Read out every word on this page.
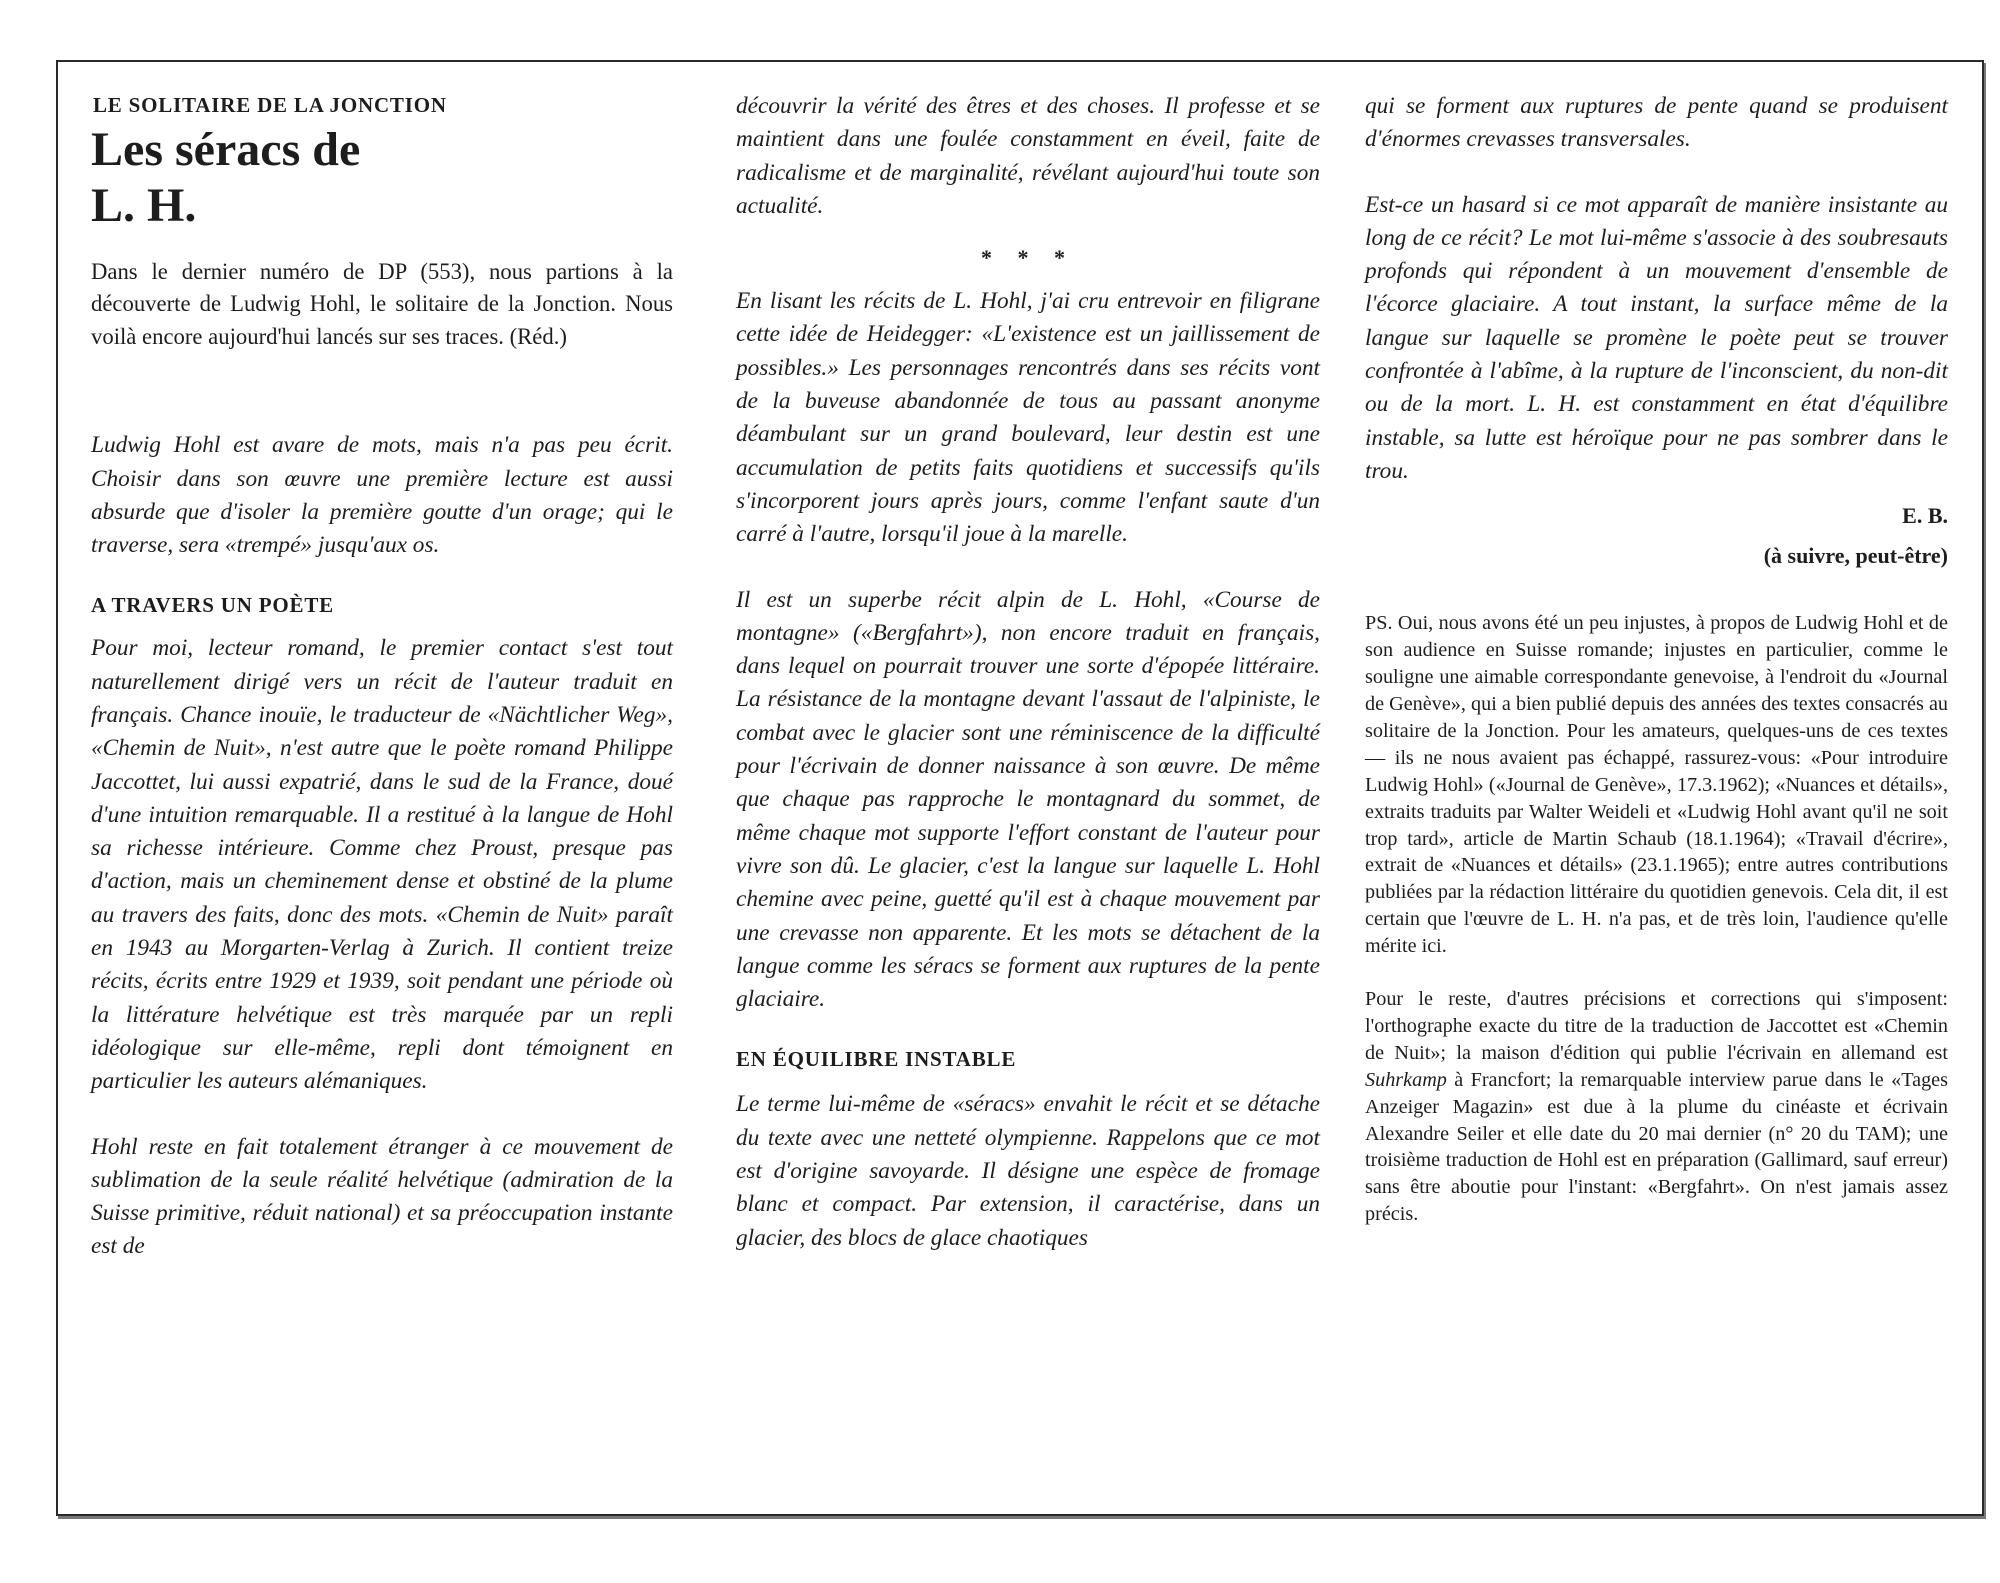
LE SOLITAIRE DE LA JONCTION
Les séracs de L. H.

Dans le dernier numéro de DP (553), nous partions à la découverte de Ludwig Hohl, le solitaire de la Jonction. Nous voilà encore aujourd'hui lancés sur ses traces. (Réd.)

Ludwig Hohl est avare de mots, mais n'a pas peu écrit. Choisir dans son œuvre une première lecture est aussi absurde que d'isoler la première goutte d'un orage; qui le traverse, sera «trempé» jusqu'aux os.

A TRAVERS UN POÈTE

Pour moi, lecteur romand, le premier contact s'est tout naturellement dirigé vers un récit de l'auteur traduit en français. Chance inouïe, le traducteur de «Nächtlicher Weg», «Chemin de Nuit», n'est autre que le poète romand Philippe Jaccottet, lui aussi expatrié, dans le sud de la France, doué d'une intuition remarquable. Il a restitué à la langue de Hohl sa richesse intérieure. Comme chez Proust, presque pas d'action, mais un cheminement dense et obstiné de la plume au travers des faits, donc des mots. «Chemin de Nuit» paraît en 1943 au Morgarten-Verlag à Zurich. Il contient treize récits, écrits entre 1929 et 1939, soit pendant une période où la littérature helvétique est très marquée par un repli idéologique sur elle-même, repli dont témoignent en particulier les auteurs alémaniques.

Hohl reste en fait totalement étranger à ce mouvement de sublimation de la seule réalité helvétique (admiration de la Suisse primitive, réduit national) et sa préoccupation instante est de

découvrir la vérité des êtres et des choses. Il professe et se maintient dans une foulée constamment en éveil, faite de radicalisme et de marginalité, révélant aujourd'hui toute son actualité.

* * *

En lisant les récits de L. Hohl, j'ai cru entrevoir en filigrane cette idée de Heidegger: «L'existence est un jaillissement de possibles.» Les personnages rencontrés dans ses récits vont de la buveuse abandonnée de tous au passant anonyme déambulant sur un grand boulevard, leur destin est une accumulation de petits faits quotidiens et successifs qu'ils s'incorporent jours après jours, comme l'enfant saute d'un carré à l'autre, lorsqu'il joue à la marelle.

Il est un superbe récit alpin de L. Hohl, «Course de montagne» («Bergfahrt»), non encore traduit en français, dans lequel on pourrait trouver une sorte d'épopée littéraire. La résistance de la montagne devant l'assaut de l'alpiniste, le combat avec le glacier sont une réminiscence de la difficulté pour l'écrivain de donner naissance à son œuvre. De même que chaque pas rapproche le montagnard du sommet, de même chaque mot supporte l'effort constant de l'auteur pour vivre son dû. Le glacier, c'est la langue sur laquelle L. Hohl chemine avec peine, guetté qu'il est à chaque mouvement par une crevasse non apparente. Et les mots se détachent de la langue comme les séracs se forment aux ruptures de la pente glaciaire.

EN ÉQUILIBRE INSTABLE

Le terme lui-même de «séracs» envahit le récit et se détache du texte avec une netteté olympienne. Rappelons que ce mot est d'origine savoyarde. Il désigne une espèce de fromage blanc et compact. Par extension, il caractérise, dans un glacier, des blocs de glace chaotiques

qui se forment aux ruptures de pente quand se produisent d'énormes crevasses transversales.

Est-ce un hasard si ce mot apparaît de manière insistante au long de ce récit? Le mot lui-même s'associe à des soubresauts profonds qui répondent à un mouvement d'ensemble de l'écorce glaciaire. A tout instant, la surface même de la langue sur laquelle se promène le poète peut se trouver confrontée à l'abîme, à la rupture de l'inconscient, du non-dit ou de la mort. L. H. est constamment en état d'équilibre instable, sa lutte est héroïque pour ne pas sombrer dans le trou.

E. B.
(à suivre, peut-être)

PS. Oui, nous avons été un peu injustes, à propos de Ludwig Hohl et de son audience en Suisse romande; injustes en particulier, comme le souligne une aimable correspondante genevoise, à l'endroit du «Journal de Genève», qui a bien publié depuis des années des textes consacrés au solitaire de la Jonction. Pour les amateurs, quelques-uns de ces textes — ils ne nous avaient pas échappé, rassurez-vous: «Pour introduire Ludwig Hohl» («Journal de Genève», 17.3.1962); «Nuances et détails», extraits traduits par Walter Weideli et «Ludwig Hohl avant qu'il ne soit trop tard», article de Martin Schaub (18.1.1964); «Travail d'écrire», extrait de «Nuances et détails» (23.1.1965); entre autres contributions publiées par la rédaction littéraire du quotidien genevois. Cela dit, il est certain que l'œuvre de L. H. n'a pas, et de très loin, l'audience qu'elle mérite ici.

Pour le reste, d'autres précisions et corrections qui s'imposent: l'orthographe exacte du titre de la traduction de Jaccottet est «Chemin de Nuit»; la maison d'édition qui publie l'écrivain en allemand est Suhrkamp à Francfort; la remarquable interview parue dans le «Tages Anzeiger Magazin» est due à la plume du cinéaste et écrivain Alexandre Seiler et elle date du 20 mai dernier (n° 20 du TAM); une troisième traduction de Hohl est en préparation (Gallimard, sauf erreur) sans être aboutie pour l'instant: «Bergfahrt». On n'est jamais assez précis.
